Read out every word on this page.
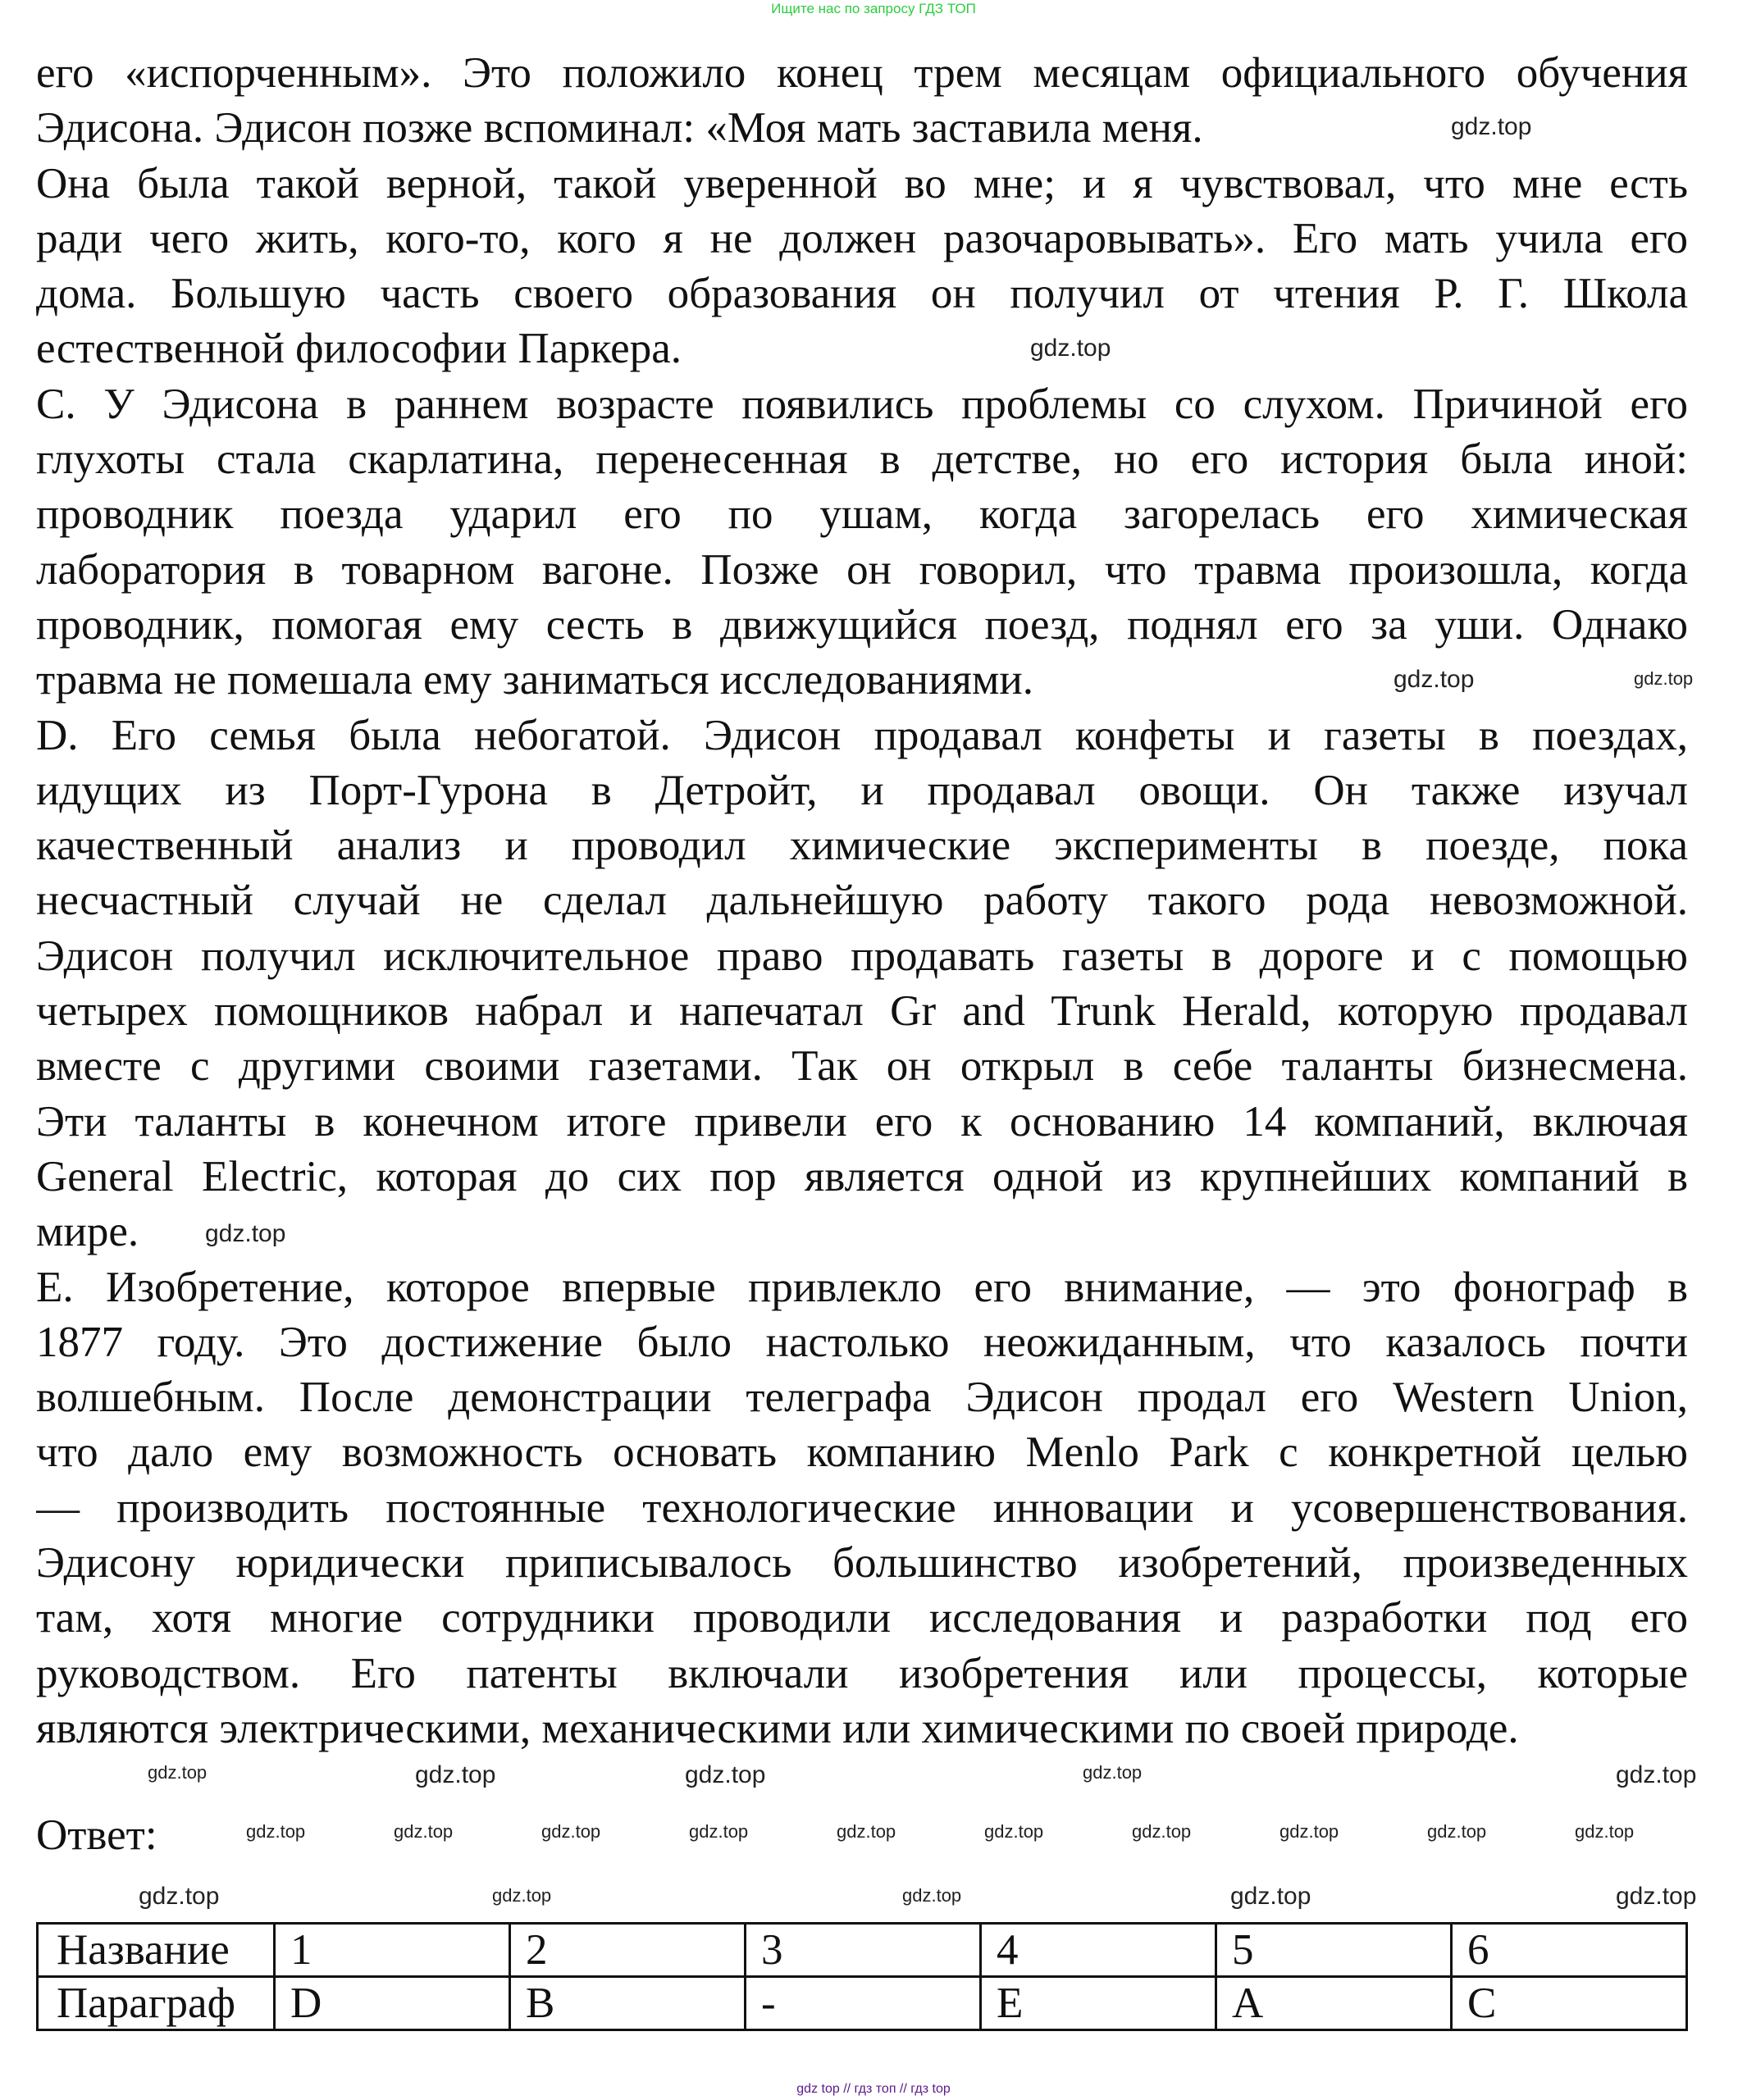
Ищите нас по запросу ГДЗ ТОП
его «испорченным». Это положило конец трем месяцам официального обучения
Эдисона. Эдисон позже вспоминал: «Моя мать заставила меня.
Она была такой верной, такой уверенной во мне; и я чувствовал, что мне есть
ради чего жить, кого-то, кого я не должен разочаровывать». Его мать учила его
дома. Большую часть своего образования он получил от чтения Р. Г. Школа
естественной философии Паркера.
C. У Эдисона в раннем возрасте появились проблемы со слухом. Причиной его
глухоты стала скарлатина, перенесенная в детстве, но его история была иной:
проводник поезда ударил его по ушам, когда загорелась его химическая
лаборатория в товарном вагоне. Позже он говорил, что травма произошла, когда
проводник, помогая ему сесть в движущийся поезд, поднял его за уши. Однако
травма не помешала ему заниматься исследованиями.
D. Его семья была небогатой. Эдисон продавал конфеты и газеты в поездах,
идущих из Порт-Гурона в Детройт, и продавал овощи. Он также изучал
качественный анализ и проводил химические эксперименты в поезде, пока
несчастный случай не сделал дальнейшую работу такого рода невозможной.
Эдисон получил исключительное право продавать газеты в дороге и с помощью
четырех помощников набрал и напечатал Gr and Trunk Herald, которую продавал
вместе с другими своими газетами. Так он открыл в себе таланты бизнесмена.
Эти таланты в конечном итоге привели его к основанию 14 компаний, включая
General Electric, которая до сих пор является одной из крупнейших компаний в
мире.
E. Изобретение, которое впервые привлекло его внимание, — это фонограф в
1877 году. Это достижение было настолько неожиданным, что казалось почти
волшебным. После демонстрации телеграфа Эдисон продал его Western Union,
что дало ему возможность основать компанию Menlo Park с конкретной целью
— производить постоянные технологические инновации и усовершенствования.
Эдисону юридически приписывалось большинство изобретений, произведенных
там, хотя многие сотрудники проводили исследования и разработки под его
руководством. Его патенты включали изобретения или процессы, которые
являются электрическими, механическими или химическими по своей природе.
Ответ:
Название	1	2	3	4	5	6
Параграф	D	B	-	E	A	C
gdz.top
gdz.top
gdz.top	gdz.top
gdz.top
gdz.top	gdz.top	gdz.top	gdz.top	gdz.top
gdz.top	gdz.top	gdz.top	gdz.top	gdz.top	gdz.top	gdz.top	gdz.top	gdz.top	gdz.top
gdz.top	gdz.top	gdz.top	gdz.top	gdz.top
gdz top // гдз топ // гдз top
